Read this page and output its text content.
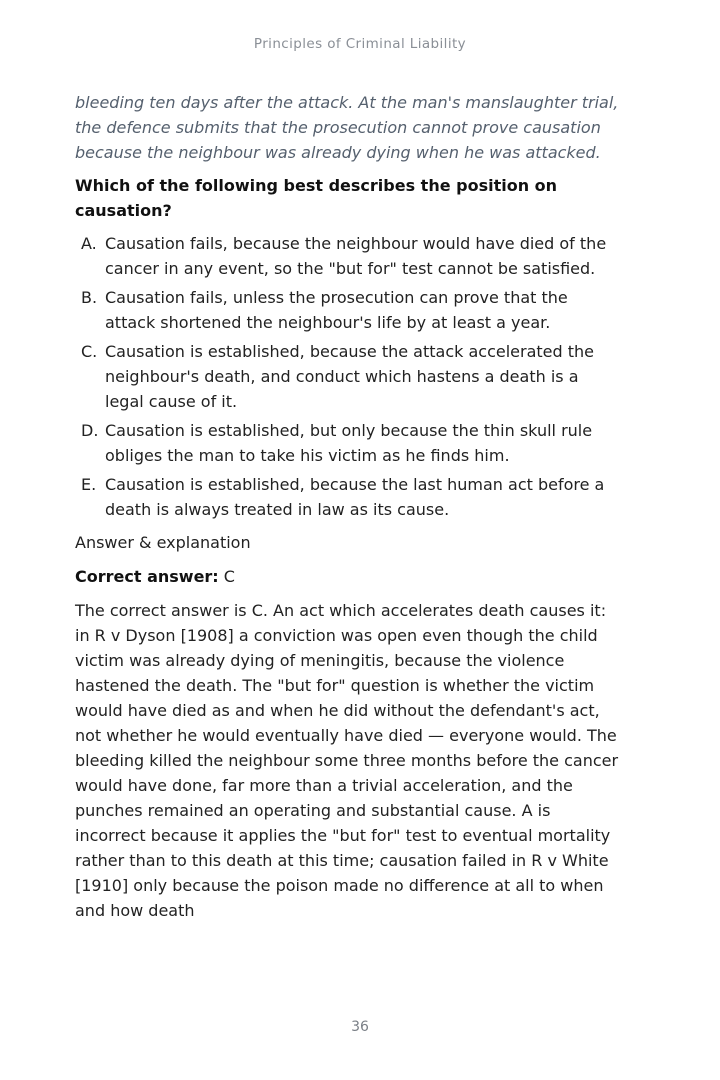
Principles of Criminal Liability

bleeding ten days after the attack. At the man's manslaughter trial, the defence submits that the prosecution cannot prove causation because the neighbour was already dying when he was attacked.

Which of the following best describes the position on causation?

A. Causation fails, because the neighbour would have died of the cancer in any event, so the "but for" test cannot be satisfied.
B. Causation fails, unless the prosecution can prove that the attack shortened the neighbour's life by at least a year.
C. Causation is established, because the attack accelerated the neighbour's death, and conduct which hastens a death is a legal cause of it.
D. Causation is established, but only because the thin skull rule obliges the man to take his victim as he finds him.
E. Causation is established, because the last human act before a death is always treated in law as its cause.
Answer & explanation

Correct answer: C

The correct answer is C. An act which accelerates death causes it: in R v Dyson [1908] a conviction was open even though the child victim was already dying of meningitis, because the violence hastened the death. The "but for" question is whether the victim would have died as and when he did without the defendant's act, not whether he would eventually have died — everyone would. The bleeding killed the neighbour some three months before the cancer would have done, far more than a trivial acceleration, and the punches remained an operating and substantial cause. A is incorrect because it applies the "but for" test to eventual mortality rather than to this death at this time; causation failed in R v White [1910] only because the poison made no difference at all to when and how death

36
